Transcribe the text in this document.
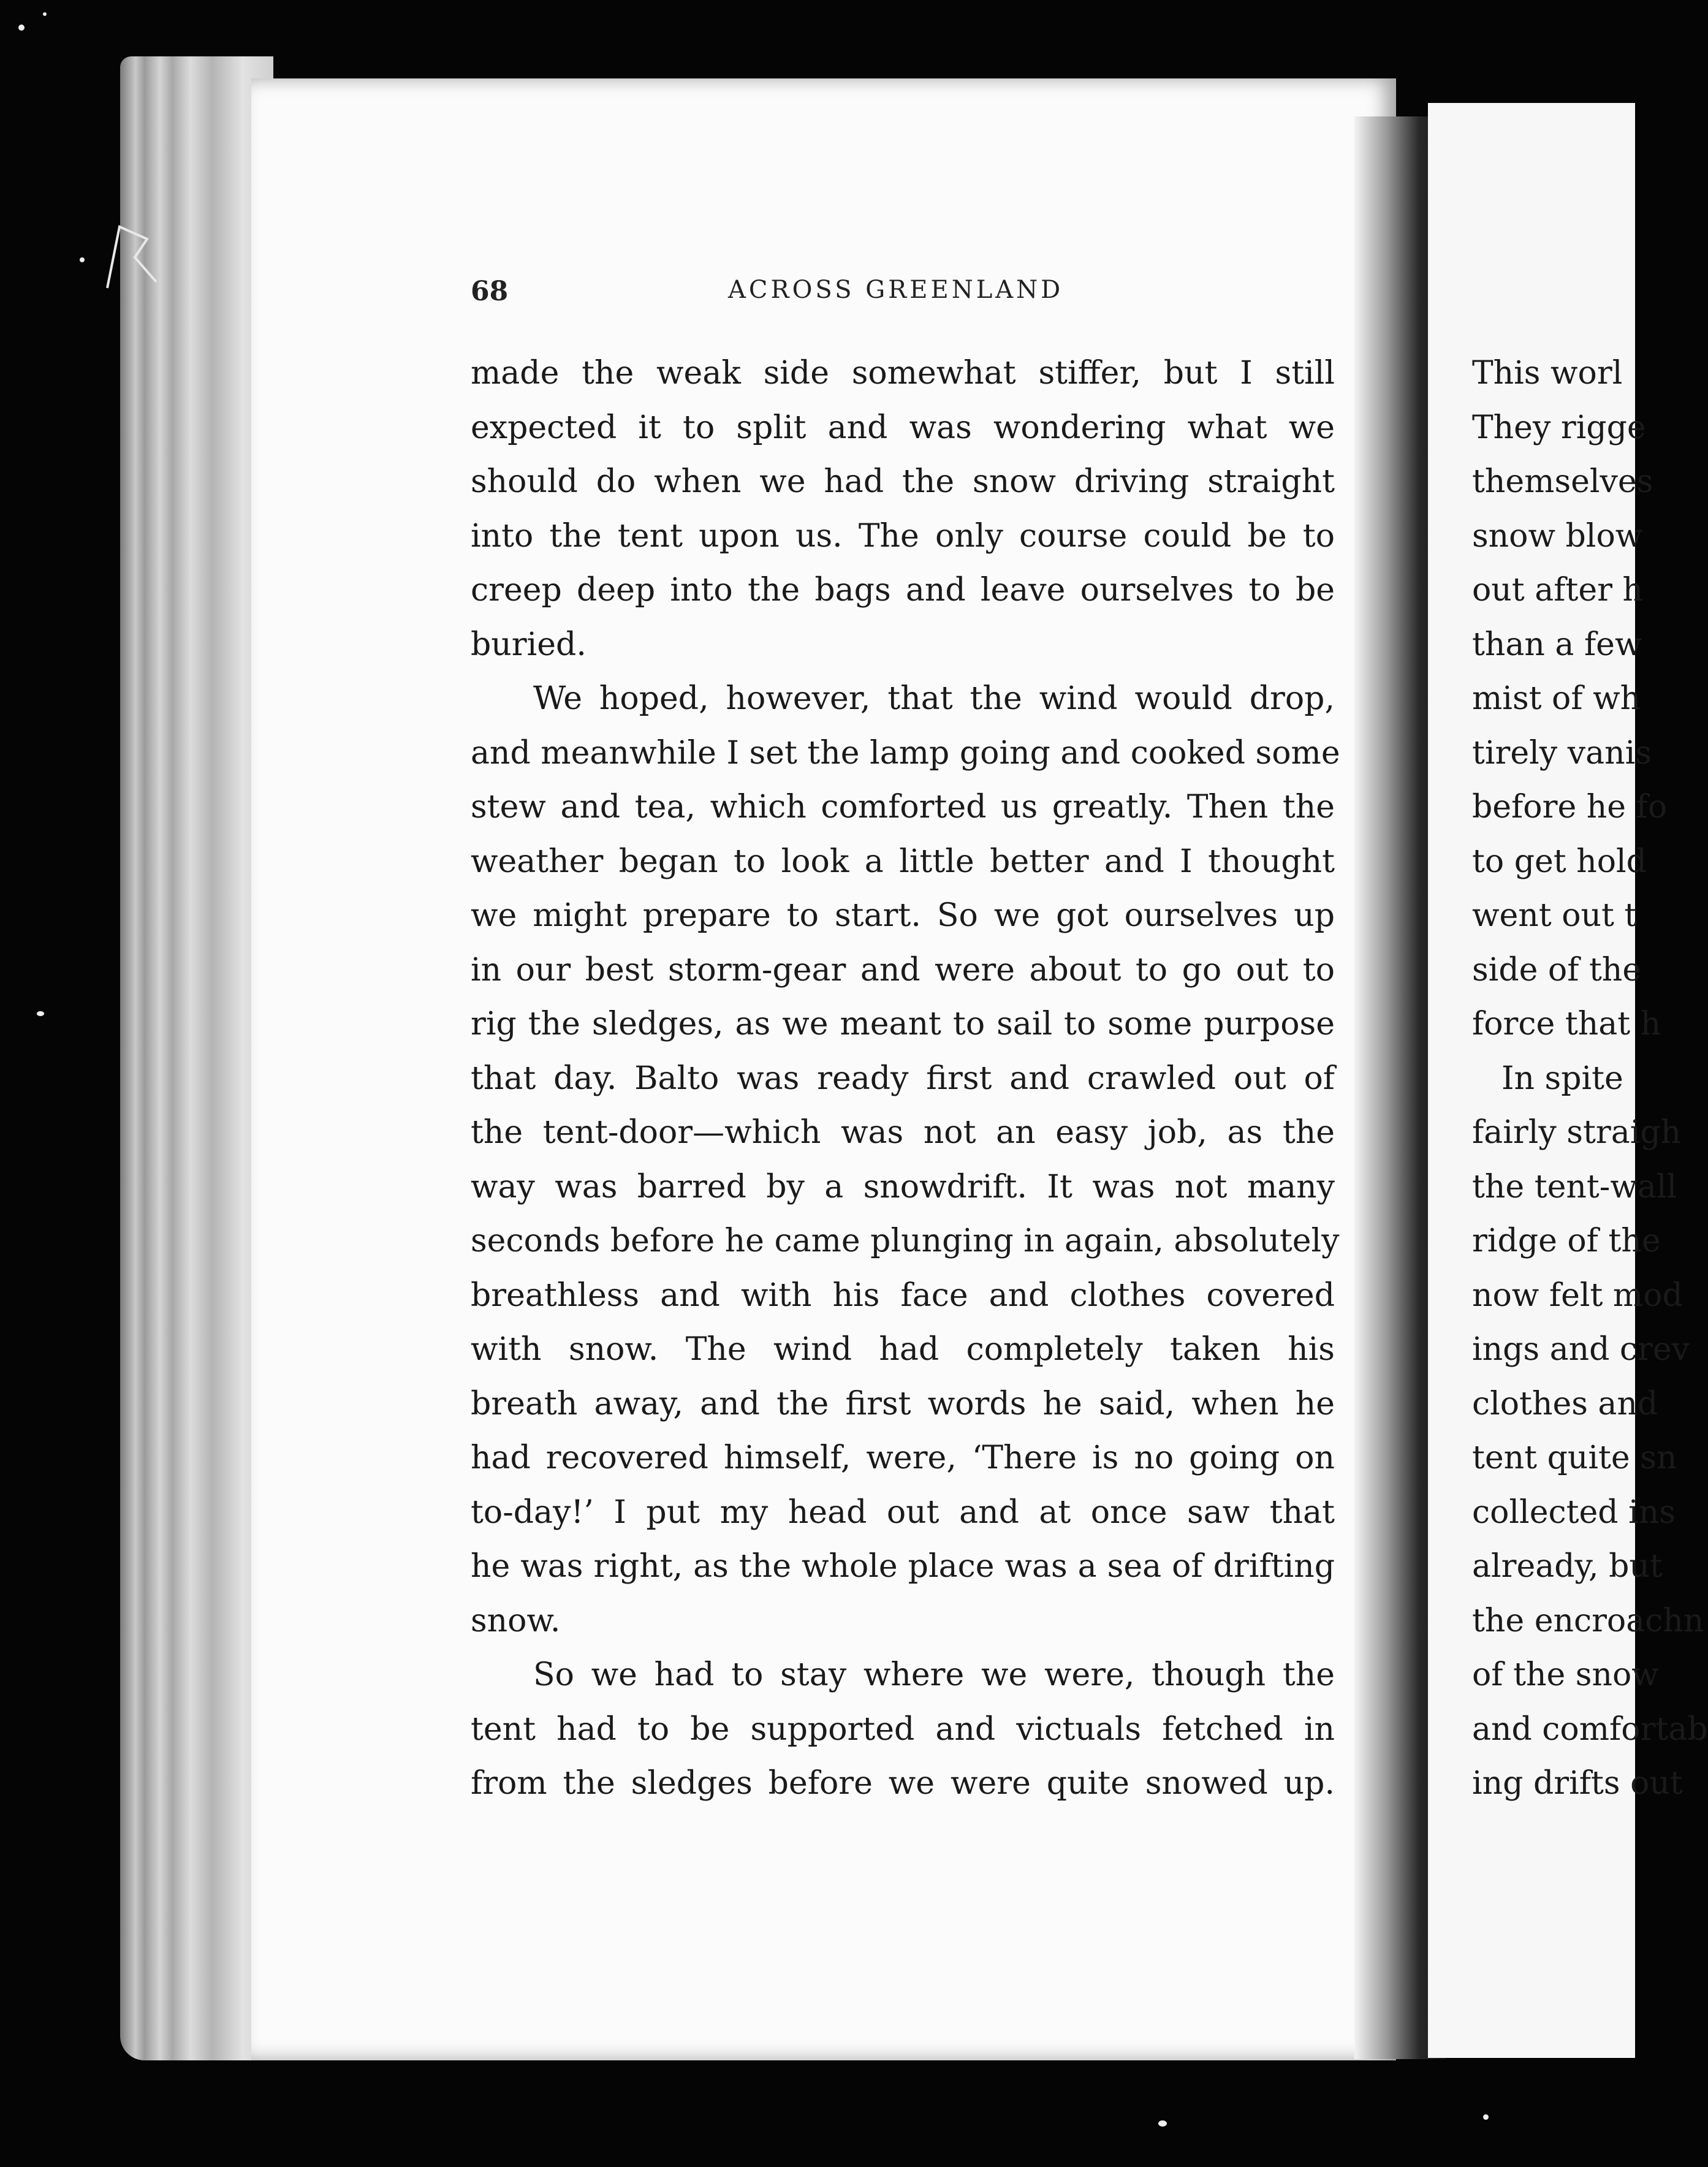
68	ACROSS GREENLAND
made the weak side somewhat stiffer, but I still
expected it to split and was wondering what we
should do when we had the snow driving straight
into the tent upon us. The only course could be to
creep deep into the bags and leave ourselves to be
buried.
We hoped, however, that the wind would drop,
and meanwhile I set the lamp going and cooked some
stew and tea, which comforted us greatly. Then the
weather began to look a little better and I thought
we might prepare to start. So we got ourselves up
in our best storm-gear and were about to go out to
rig the sledges, as we meant to sail to some purpose
that day. Balto was ready first and crawled out of
the tent-door—which was not an easy job, as the
way was barred by a snowdrift. It was not many
seconds before he came plunging in again, absolutely
breathless and with his face and clothes covered
with snow. The wind had completely taken his
breath away, and the first words he said, when he
had recovered himself, were, ‘There is no going on
to-day!’ I put my head out and at once saw that
he was right, as the whole place was a sea of drifting
snow.
So we had to stay where we were, though the
tent had to be supported and victuals fetched in
from the sledges before we were quite snowed up.
This worl
They rigge
themselves
snow blow
out after h
than a few
mist of wh
tirely vanis
before he fo
to get hold
went out t
side of the
force that h
In spite
fairly straigh
the tent-wall
ridge of the
now felt mod
ings and crev
clothes and
tent quite sn
collected ins
already, but
the encroachn
of the snow
and comfortab
ing drifts out
